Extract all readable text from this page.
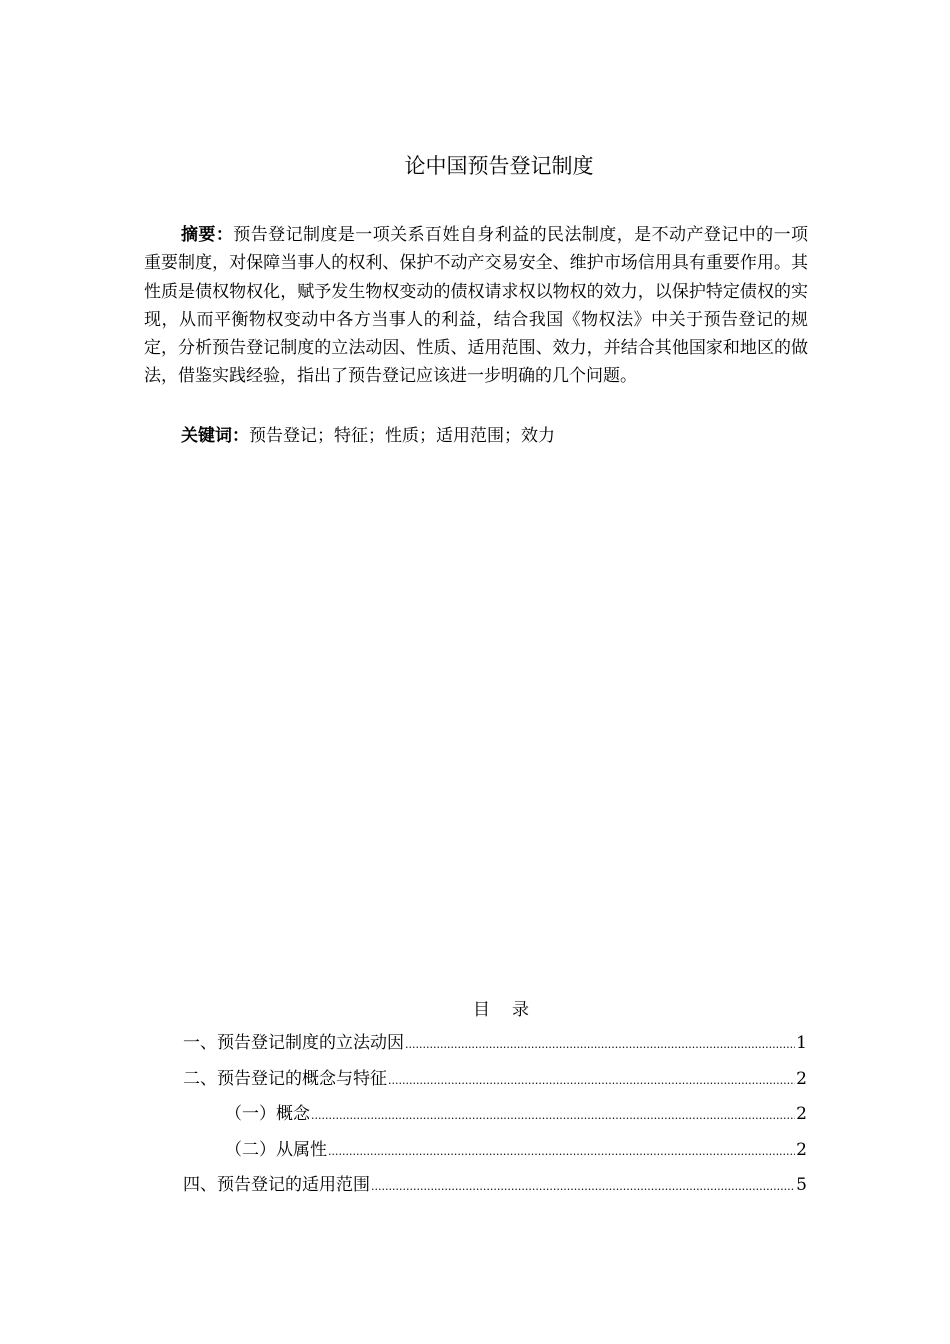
论中国预告登记制度

摘要：预告登记制度是一项关系百姓自身利益的民法制度，是不动产登记中的一项重要制度，对保障当事人的权利、保护不动产交易安全、维护市场信用具有重要作用。其性质是债权物权化，赋予发生物权变动的债权请求权以物权的效力，以保护特定债权的实现，从而平衡物权变动中各方当事人的利益，结合我国《物权法》中关于预告登记的规定，分析预告登记制度的立法动因、性质、适用范围、效力，并结合其他国家和地区的做法，借鉴实践经验，指出了预告登记应该进一步明确的几个问题。

关键词：预告登记；特征；性质；适用范围；效力

目 录
一、预告登记制度的立法动因 .....	1
二、预告登记的概念与特征 .....	2
（一）概念 .....	2
（二）从属性 .....	2
四、预告登记的适用范围 .....	5
